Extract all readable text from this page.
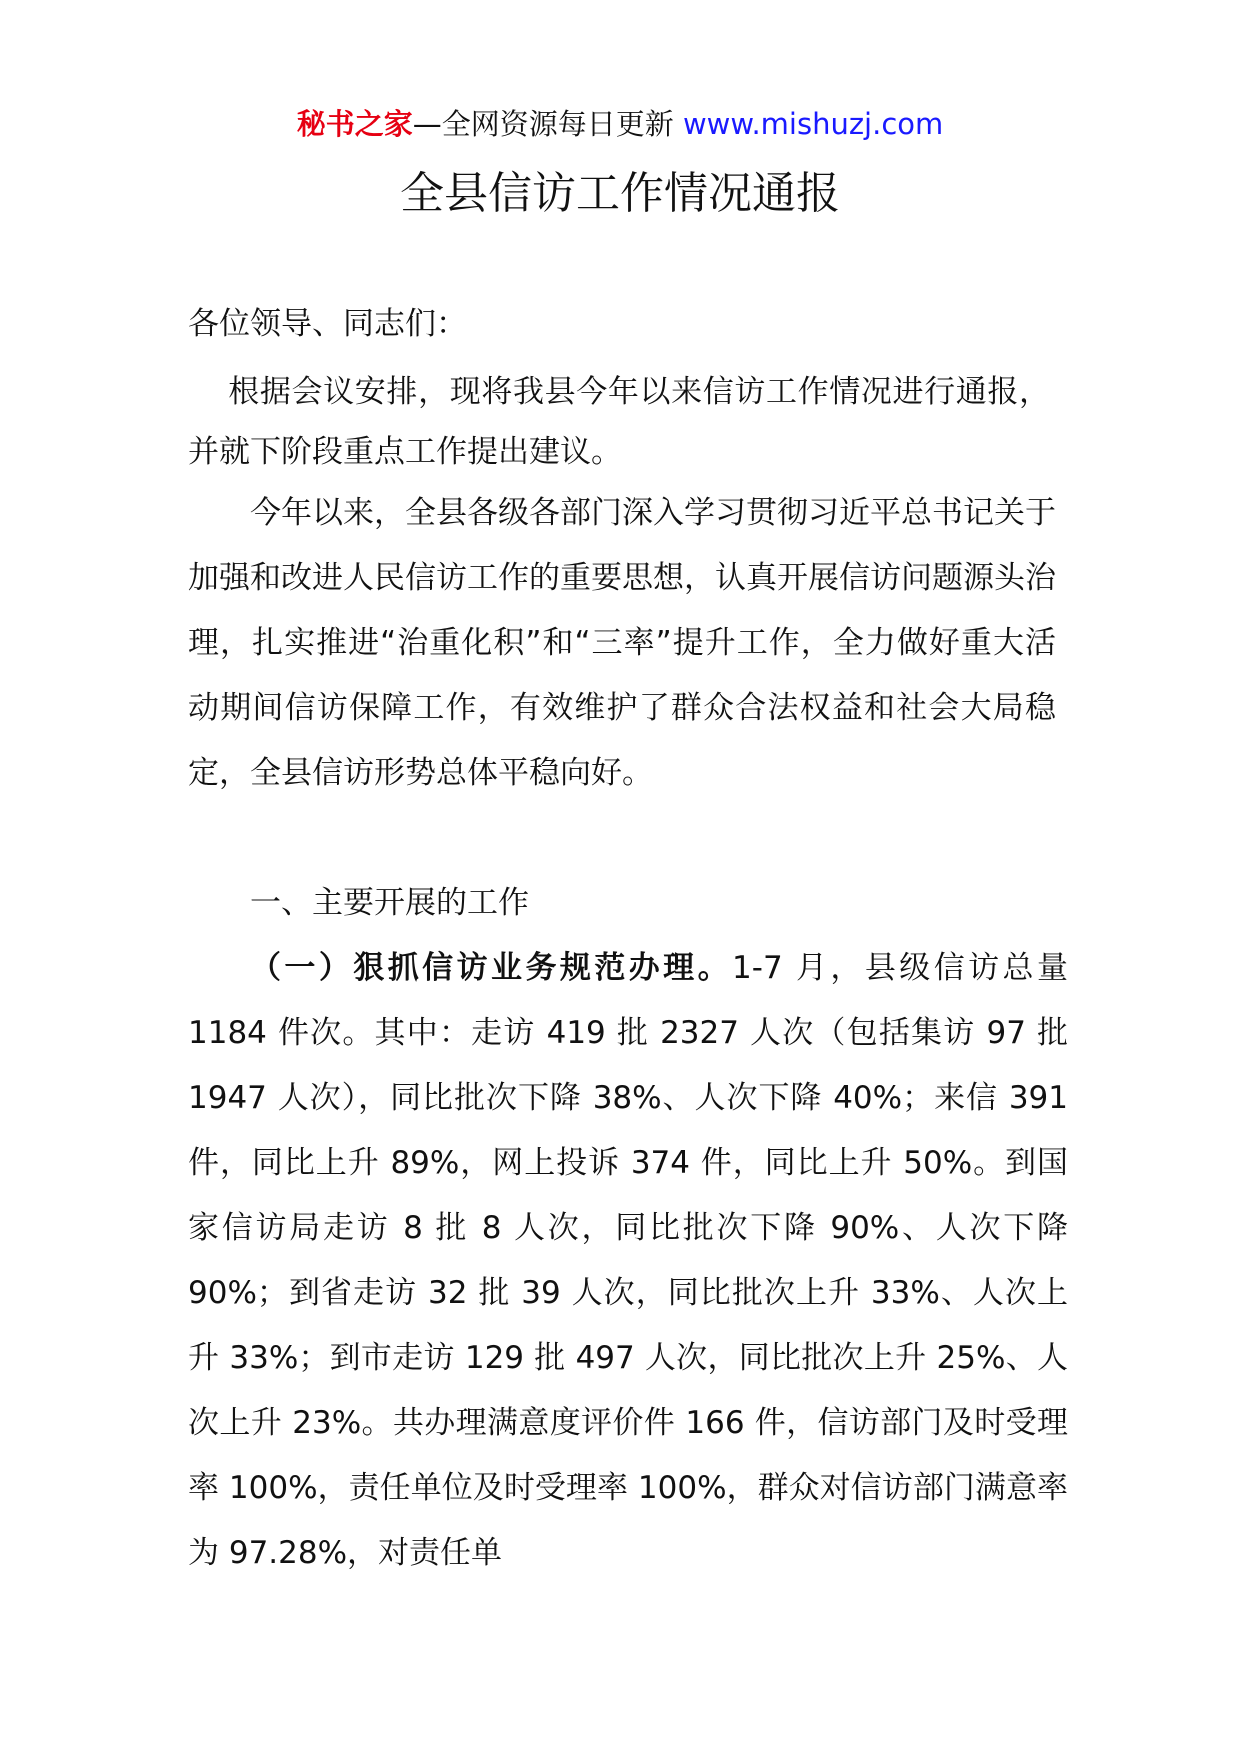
秘书之家—全网资源每日更新 www.mishuzj.com
全县信访工作情况通报
各位领导、同志们：

根据会议安排，现将我县今年以来信访工作情况进行通报，并就下阶段重点工作提出建议。

今年以来，全县各级各部门深入学习贯彻习近平总书记关于加强和改进人民信访工作的重要思想，认真开展信访问题源头治理，扎实推进“治重化积”和“三率”提升工作，全力做好重大活动期间信访保障工作，有效维护了群众合法权益和社会大局稳定，全县信访形势总体平稳向好。

一、主要开展的工作

（一）狠抓信访业务规范办理。1-7 月，县级信访总量 1184 件次。其中：走访 419 批 2327 人次（包括集访 97 批 1947 人次），同比批次下降 38%、人次下降 40%；来信 391 件，同比上升 89%，网上投诉 374 件，同比上升 50%。到国家信访局走访 8 批 8 人次，同比批次下降 90%、人次下降 90%；到省走访 32 批 39 人次，同比批次上升 33%、人次上升 33%；到市走访 129 批 497 人次，同比批次上升 25%、人次上升 23%。共办理满意度评价件 166 件，信访部门及时受理率 100%，责任单位及时受理率 100%，群众对信访部门满意率为 97.28%，对责任单
